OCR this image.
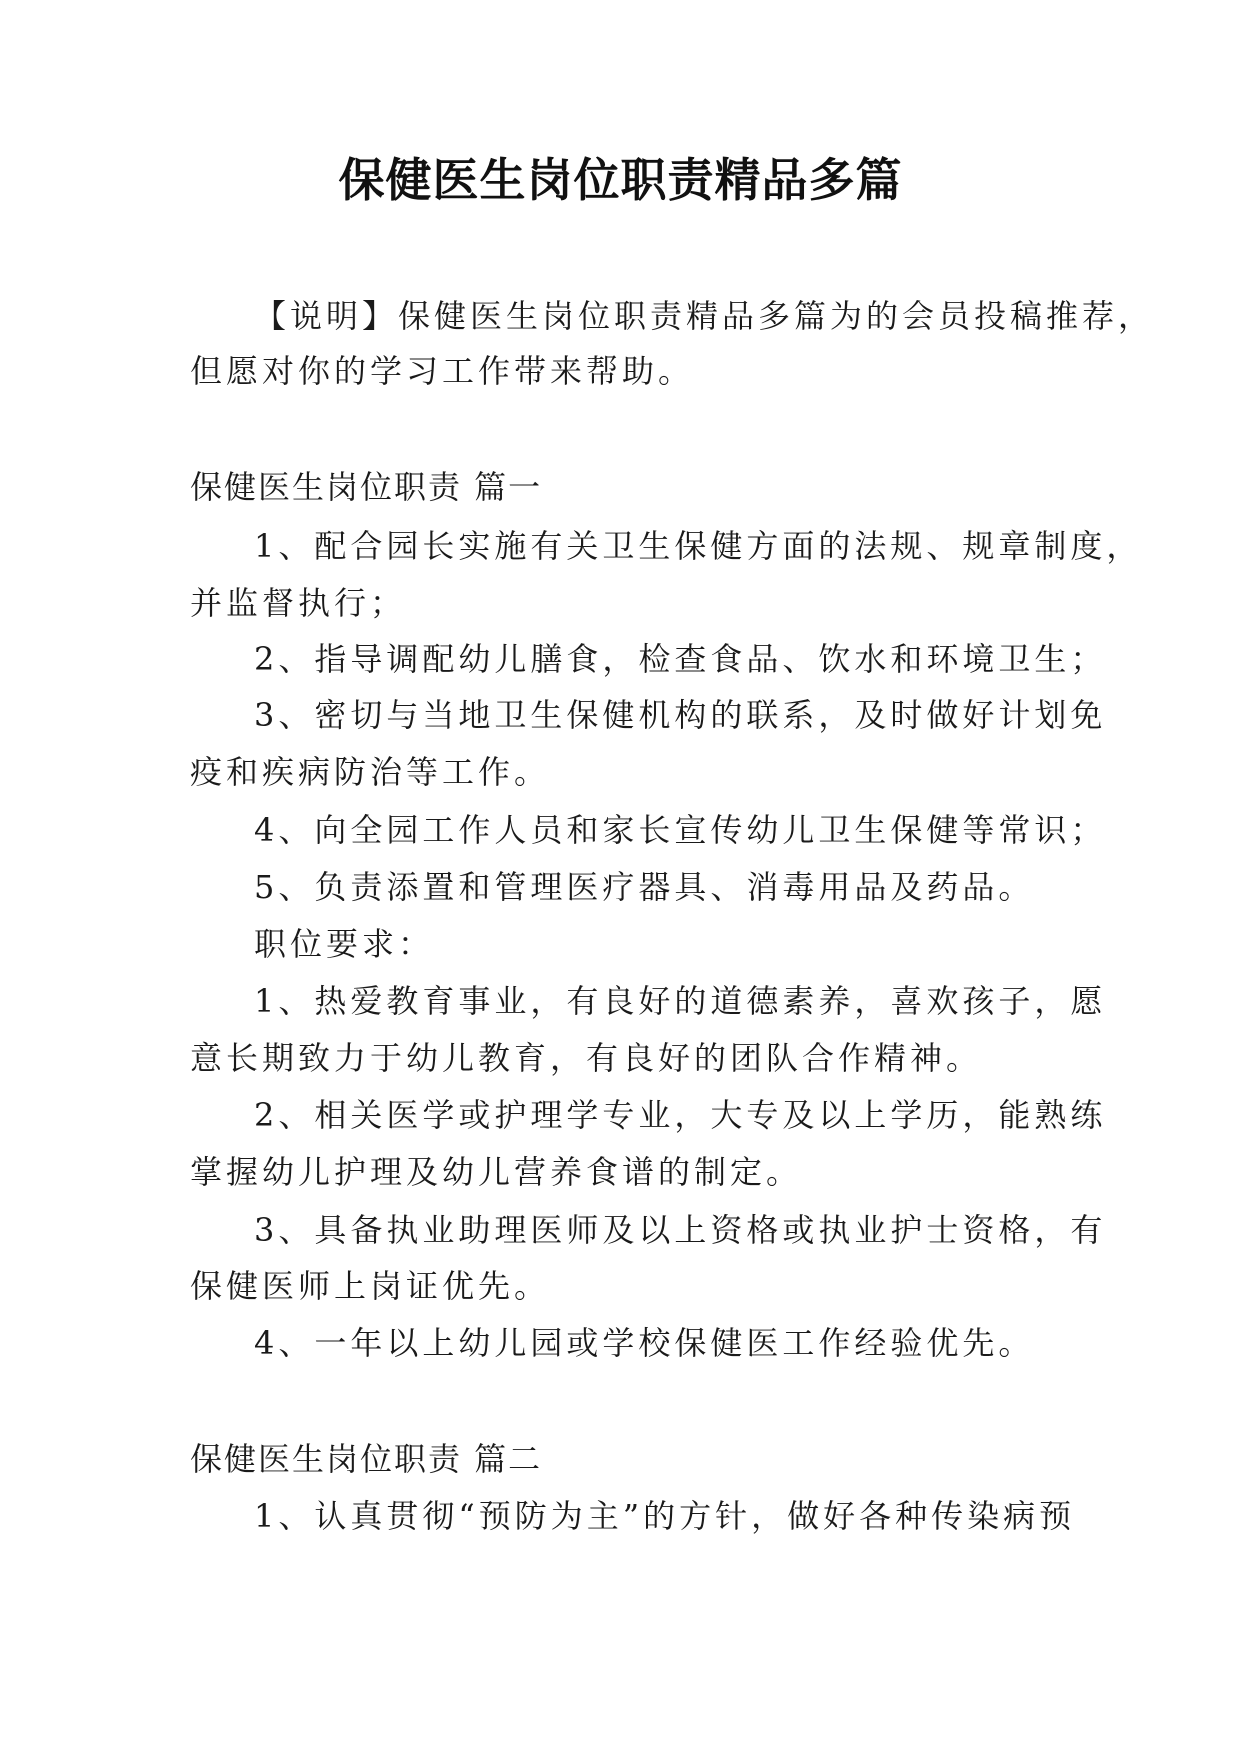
保健医生岗位职责精品多篇
【说明】保健医生岗位职责精品多篇为的会员投稿推荐，
但愿对你的学习工作带来帮助。
保健医生岗位职责 篇一
1、配合园长实施有关卫生保健方面的法规、规章制度，
并监督执行；
2、指导调配幼儿膳食，检查食品、饮水和环境卫生；
3、密切与当地卫生保健机构的联系，及时做好计划免
疫和疾病防治等工作。
4、向全园工作人员和家长宣传幼儿卫生保健等常识；
5、负责添置和管理医疗器具、消毒用品及药品。
职位要求：
1、热爱教育事业，有良好的道德素养，喜欢孩子，愿
意长期致力于幼儿教育，有良好的团队合作精神。
2、相关医学或护理学专业，大专及以上学历，能熟练
掌握幼儿护理及幼儿营养食谱的制定。
3、具备执业助理医师及以上资格或执业护士资格，有
保健医师上岗证优先。
4、一年以上幼儿园或学校保健医工作经验优先。
保健医生岗位职责 篇二
1、认真贯彻“预防为主”的方针，做好各种传染病预
